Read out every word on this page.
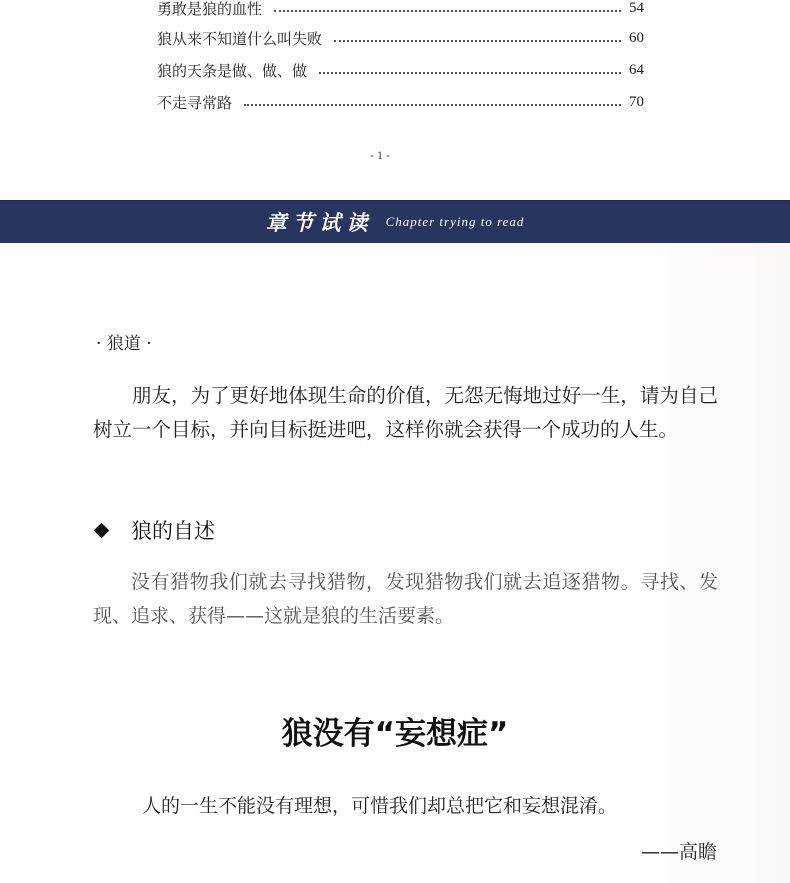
勇敢是狼的血性	54
狼从来不知道什么叫失败	60
狼的天条是做、做、做	64
不走寻常路	70
- 1 -
章节试读 Chapter trying to read
· 狼道 ·
朋友，为了更好地体现生命的价值，无怨无悔地过好一生，请为自己树立一个目标，并向目标挺进吧，这样你就会获得一个成功的人生。
狼的自述
没有猎物我们就去寻找猎物，发现猎物我们就去追逐猎物。寻找、发现、追求、获得——这就是狼的生活要素。
狼没有“妄想症”
人的一生不能没有理想，可惜我们却总把它和妄想混淆。
——高瞻
